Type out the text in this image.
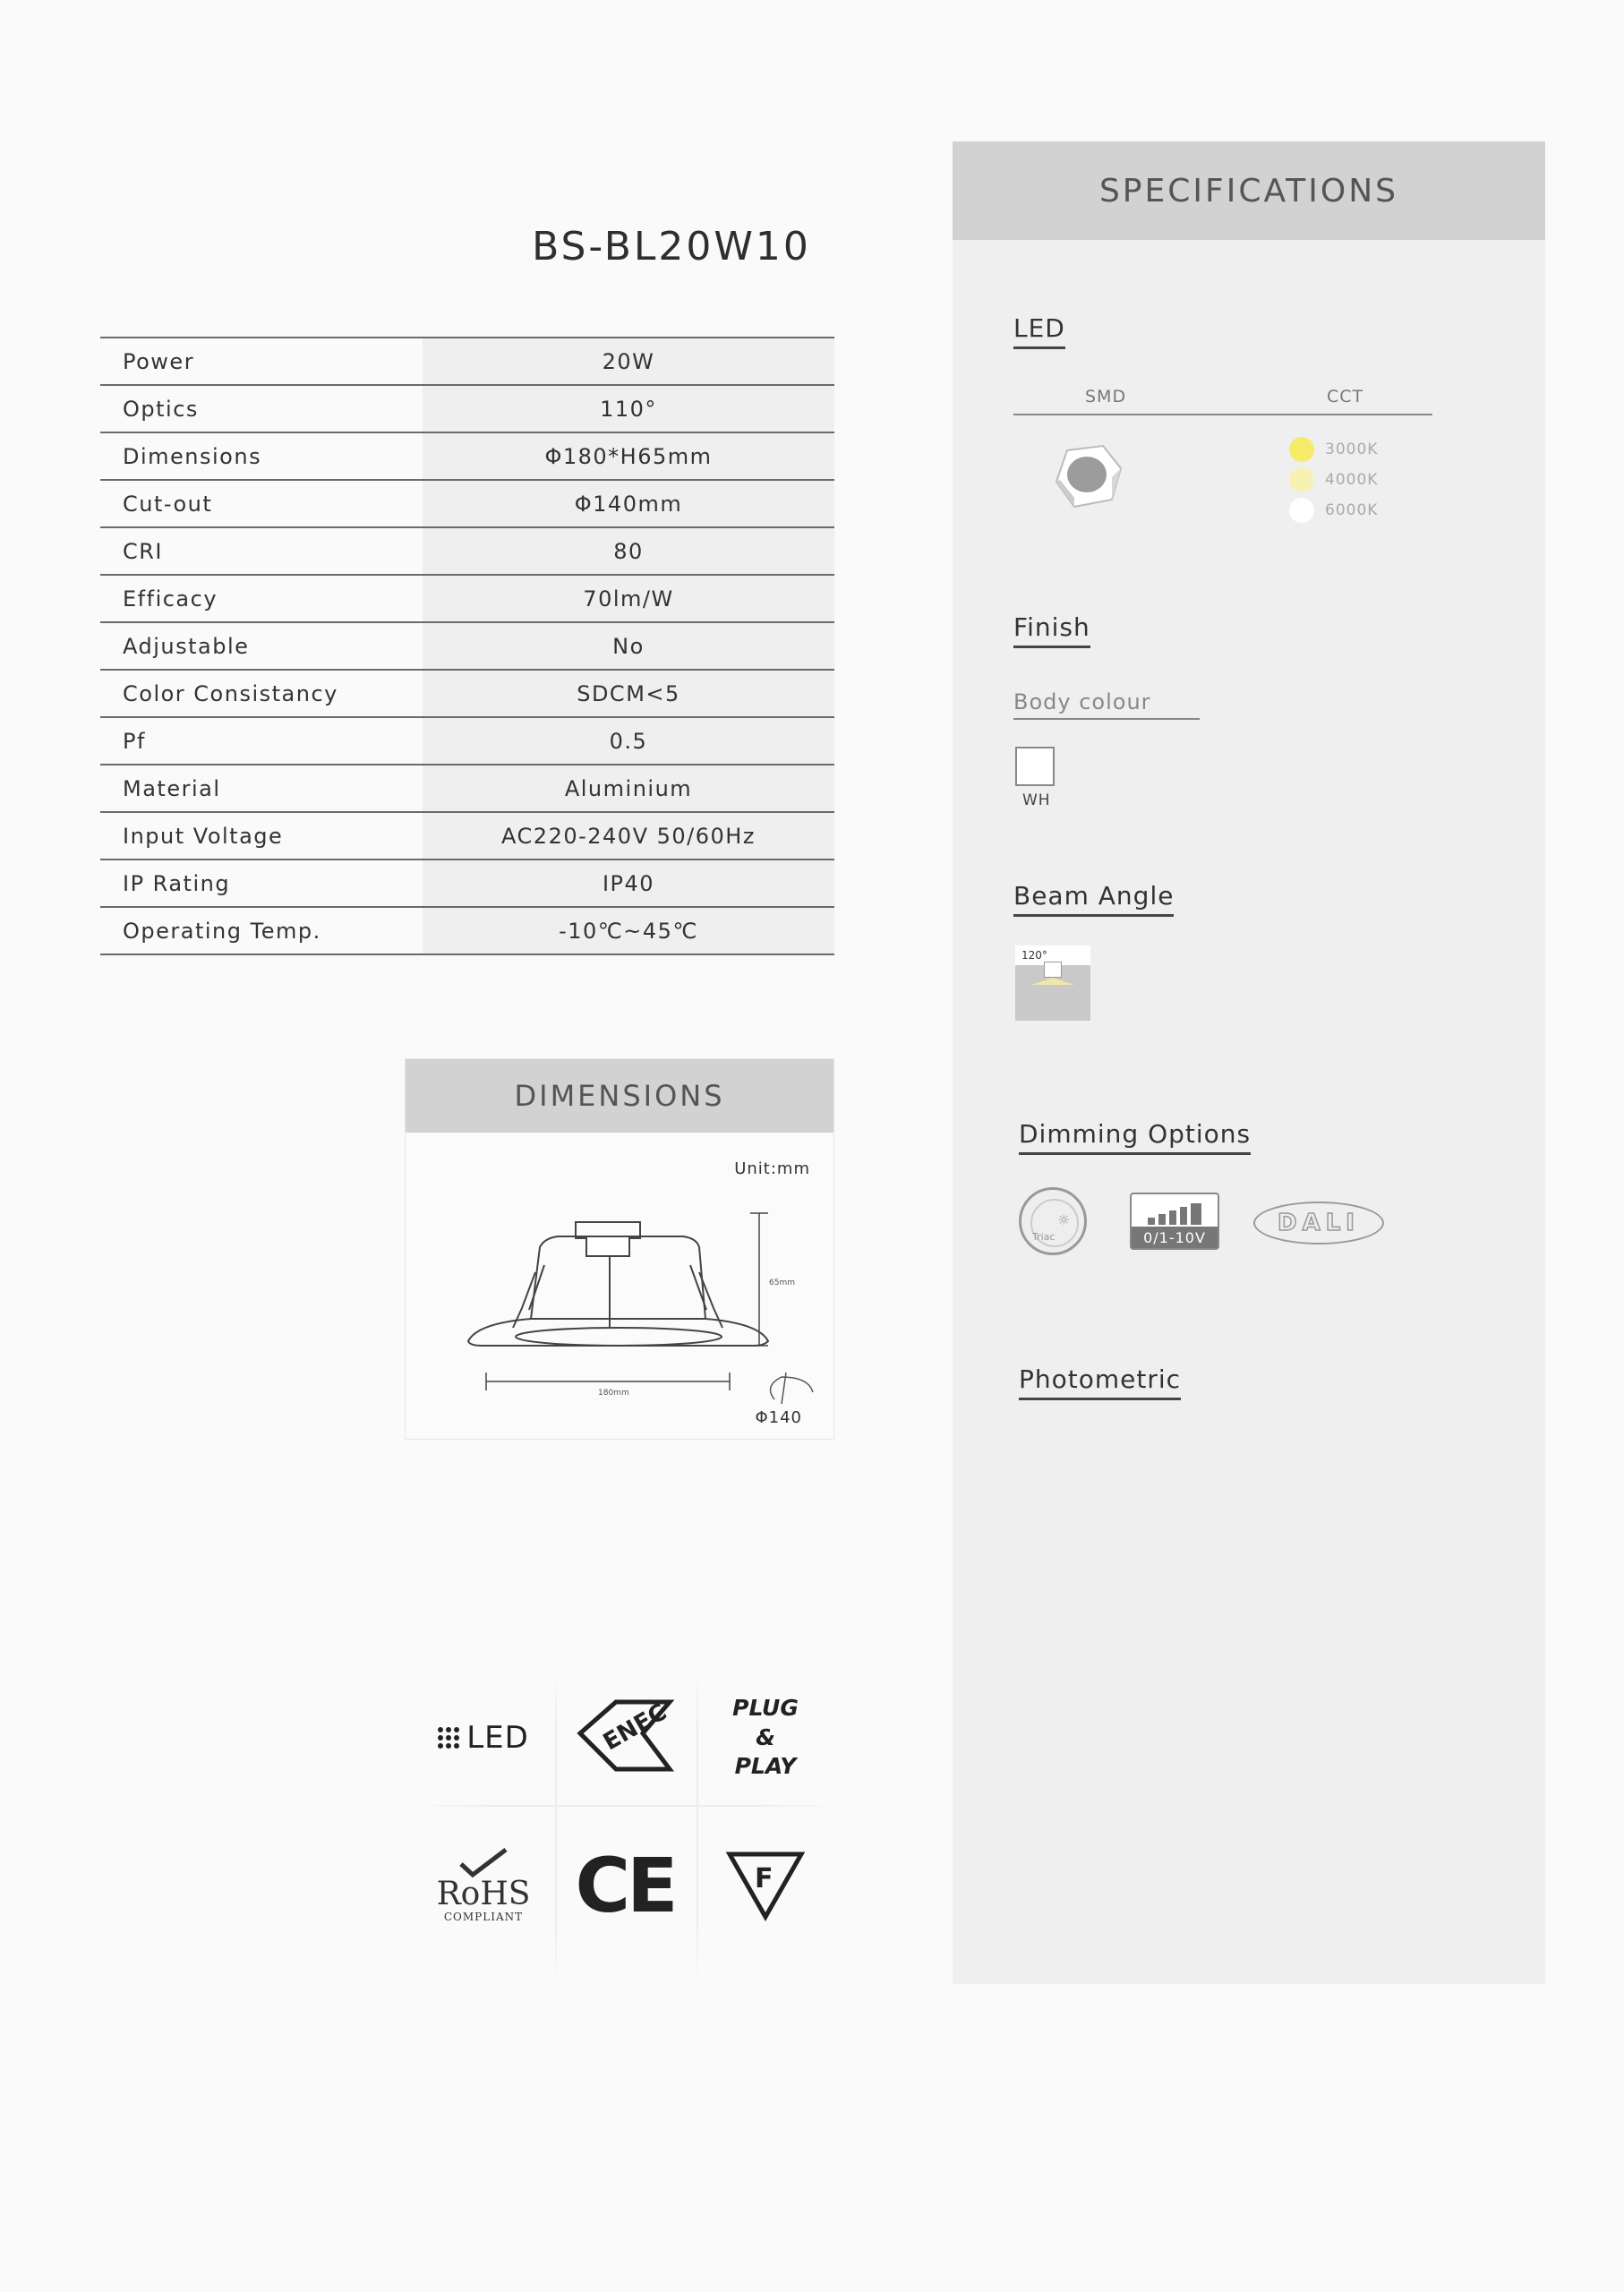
BS-BL20W10
Power	20W
Optics	110°
Dimensions	Φ180*H65mm
Cut-out	Φ140mm
CRI	80
Efficacy	70lm/W
Adjustable	No
Color Consistancy	SDCM<5
Pf	0.5
Material	Aluminium
Input Voltage	AC220-240V 50/60Hz
IP Rating	IP40
Operating Temp.	-10℃~45℃
DIMENSIONS
Unit:mm
65mm
180mm
Φ140
LED	ENEC	PLUG
&
PLAY
RoHS
COMPLIANT CE	F
SPECIFICATIONS
LED
SMD	CCT
3000K
4000K
6000K
Finish
Body colour
WH
Beam Angle
120°
Dimming Options
Triac
☼
0/1-10V
DALI
Photometric
